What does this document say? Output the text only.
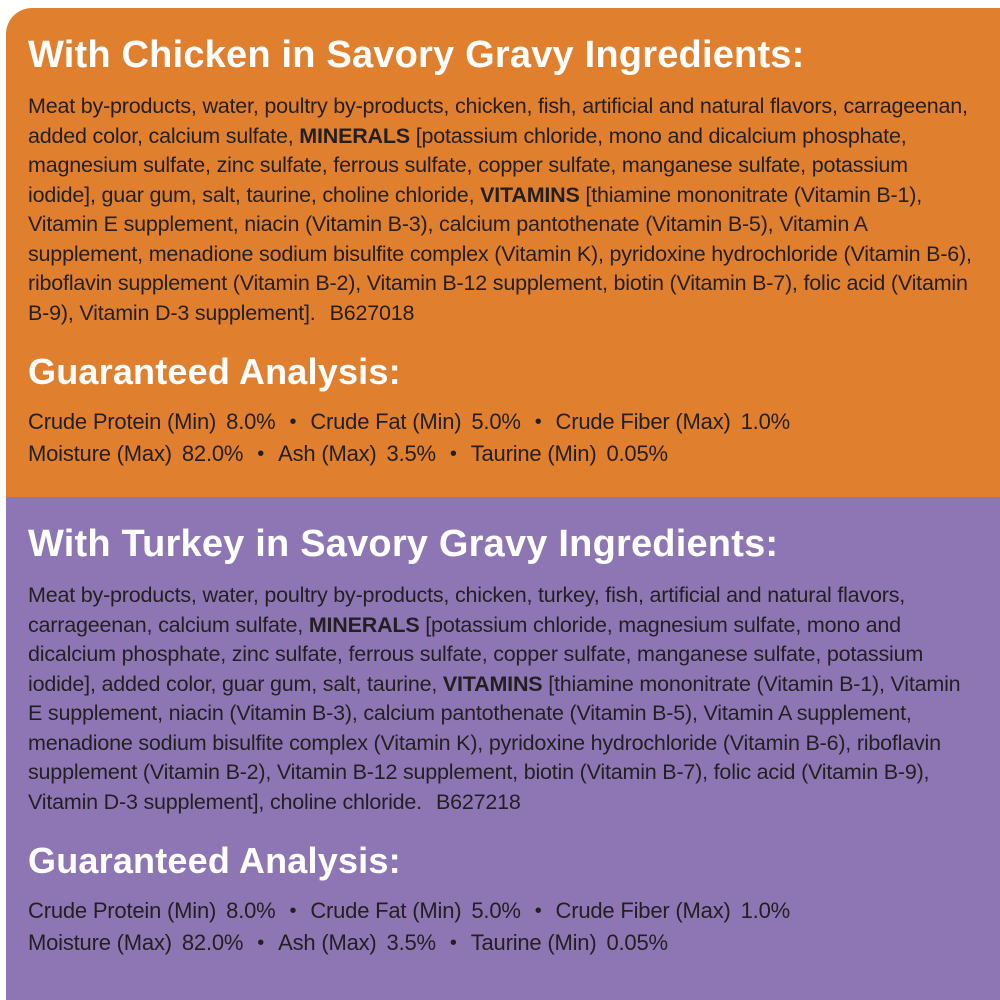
With Chicken in Savory Gravy Ingredients:

Meat by-products, water, poultry by-products, chicken, fish, artificial and natural flavors, carrageenan, added color, calcium sulfate, MINERALS [potassium chloride, mono and dicalcium phosphate, magnesium sulfate, zinc sulfate, ferrous sulfate, copper sulfate, manganese sulfate, potassium iodide], guar gum, salt, taurine, choline chloride, VITAMINS [thiamine mononitrate (Vitamin B-1), Vitamin E supplement, niacin (Vitamin B-3), calcium pantothenate (Vitamin B-5), Vitamin A supplement, menadione sodium bisulfite complex (Vitamin K), pyridoxine hydrochloride (Vitamin B-6), riboflavin supplement (Vitamin B-2), Vitamin B-12 supplement, biotin (Vitamin B-7), folic acid (Vitamin B-9), Vitamin D-3 supplement]. B627018

Guaranteed Analysis:
Crude Protein (Min) 8.0% • Crude Fat (Min) 5.0% • Crude Fiber (Max) 1.0%
Moisture (Max) 82.0% • Ash (Max) 3.5% • Taurine (Min) 0.05%
With Turkey in Savory Gravy Ingredients:

Meat by-products, water, poultry by-products, chicken, turkey, fish, artificial and natural flavors, carrageenan, calcium sulfate, MINERALS [potassium chloride, magnesium sulfate, mono and dicalcium phosphate, zinc sulfate, ferrous sulfate, copper sulfate, manganese sulfate, potassium iodide], added color, guar gum, salt, taurine, VITAMINS [thiamine mononitrate (Vitamin B-1), Vitamin E supplement, niacin (Vitamin B-3), calcium pantothenate (Vitamin B-5), Vitamin A supplement, menadione sodium bisulfite complex (Vitamin K), pyridoxine hydrochloride (Vitamin B-6), riboflavin supplement (Vitamin B-2), Vitamin B-12 supplement, biotin (Vitamin B-7), folic acid (Vitamin B-9), Vitamin D-3 supplement], choline chloride. B627218

Guaranteed Analysis:
Crude Protein (Min) 8.0% • Crude Fat (Min) 5.0% • Crude Fiber (Max) 1.0%
Moisture (Max) 82.0% • Ash (Max) 3.5% • Taurine (Min) 0.05%
